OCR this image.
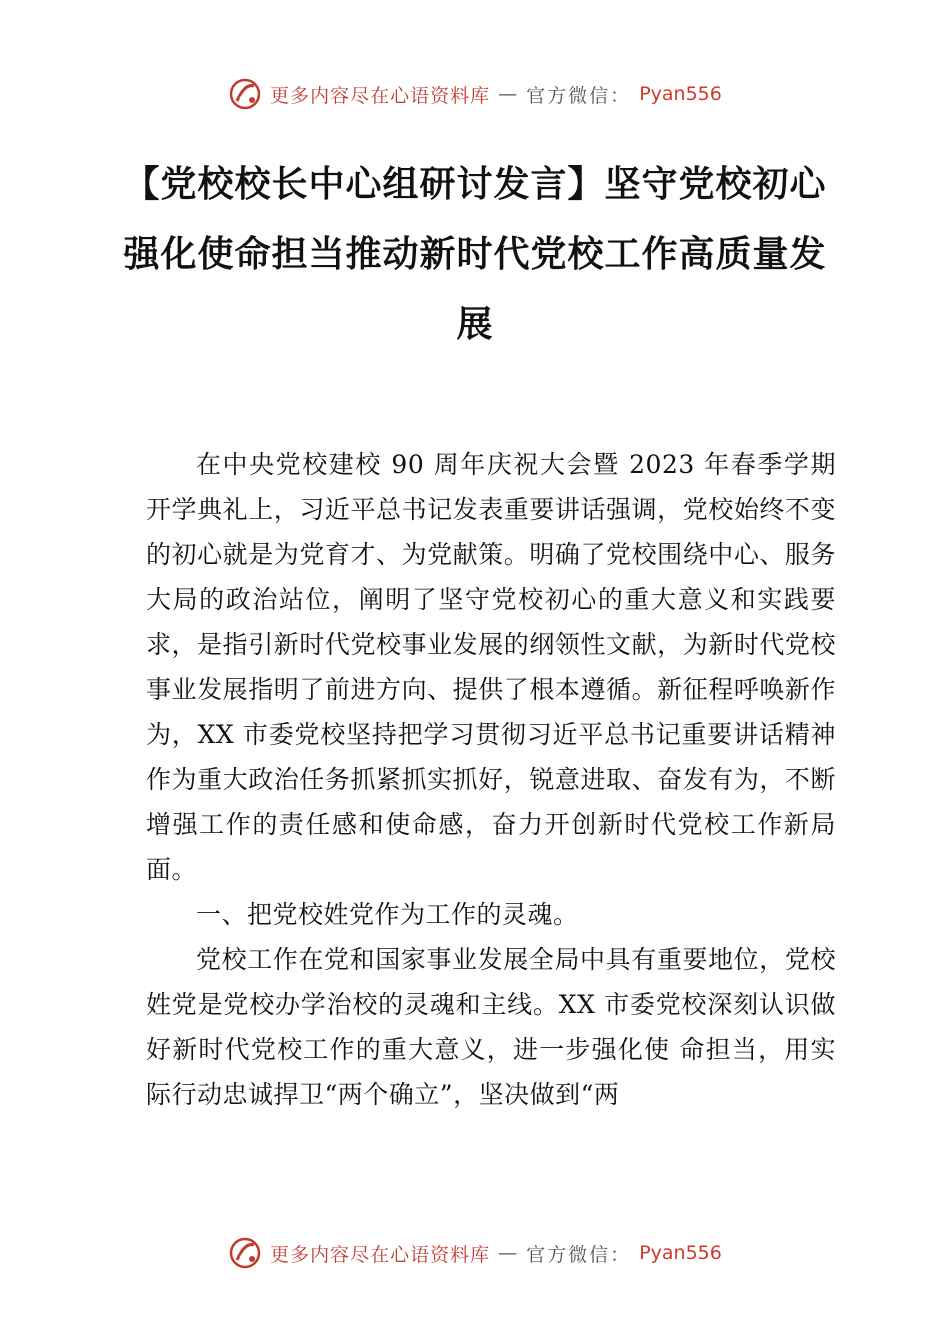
更多内容尽在心语资料库 — 官方微信： Pyan556
【党校校长中心组研讨发言】坚守党校初心强化使命担当推动新时代党校工作高质量发展

在中央党校建校 90 周年庆祝大会暨 2023 年春季学期开学典礼上，习近平总书记发表重要讲话强调，党校始终不变的初心就是为党育才、为党献策。明确了党校围绕中心、服务大局的政治站位，阐明了坚守党校初心的重大意义和实践要求，是指引新时代党校事业发展的纲领性文献，为新时代党校事业发展指明了前进方向、提供了根本遵循。新征程呼唤新作为，XX 市委党校坚持把学习贯彻习近平总书记重要讲话精神作为重大政治任务抓紧抓实抓好，锐意进取、奋发有为，不断增强工作的责任感和使命感，奋力开创新时代党校工作新局面。

一、把党校姓党作为工作的灵魂。

党校工作在党和国家事业发展全局中具有重要地位，党校姓党是党校办学治校的灵魂和主线。XX 市委党校深刻认识做好新时代党校工作的重大意义，进一步强化使 命担当，用实际行动忠诚捍卫“两个确立”，坚决做到“两

更多内容尽在心语资料库 — 官方微信： Pyan556
